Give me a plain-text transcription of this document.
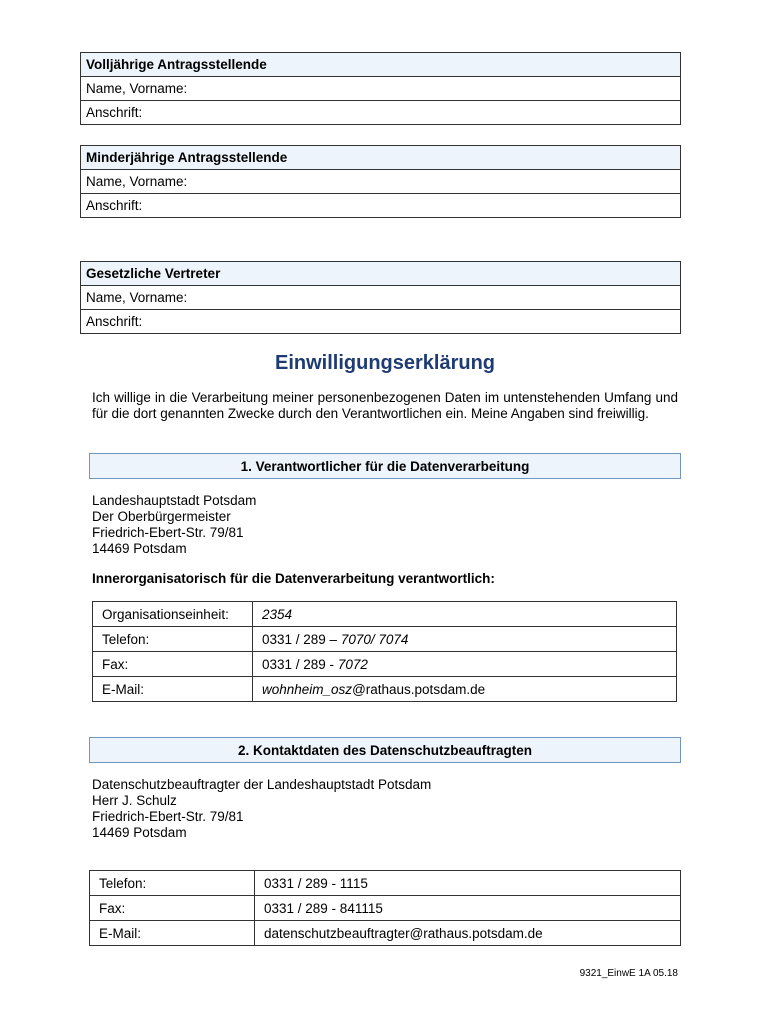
Volljährige Antragsstellende
Name, Vorname:
Anschrift:
Minderjährige Antragsstellende
Name, Vorname:
Anschrift:
Gesetzliche Vertreter
Name, Vorname:
Anschrift:
Einwilligungserklärung
Ich willige in die Verarbeitung meiner personenbezogenen Daten im untenstehenden Umfang und für die dort genannten Zwecke durch den Verantwortlichen ein. Meine Angaben sind freiwillig.
1. Verantwortlicher für die Datenverarbeitung
Landeshauptstadt Potsdam
Der Oberbürgermeister
Friedrich-Ebert-Str. 79/81
14469 Potsdam
Innerorganisatorisch für die Datenverarbeitung verantwortlich:
Organisationseinheit:	2354
Telefon:	0331 / 289 – 7070/ 7074
Fax:	0331 / 289 - 7072
E-Mail:	wohnheim_osz@rathaus.potsdam.de
2. Kontaktdaten des Datenschutzbeauftragten
Datenschutzbeauftragter der Landeshauptstadt Potsdam
Herr J. Schulz
Friedrich-Ebert-Str. 79/81
14469 Potsdam
Telefon:	0331 / 289 - 1115
Fax:	0331 / 289 - 841115
E-Mail:	datenschutzbeauftragter@rathaus.potsdam.de
9321_EinwE 1A 05.18
